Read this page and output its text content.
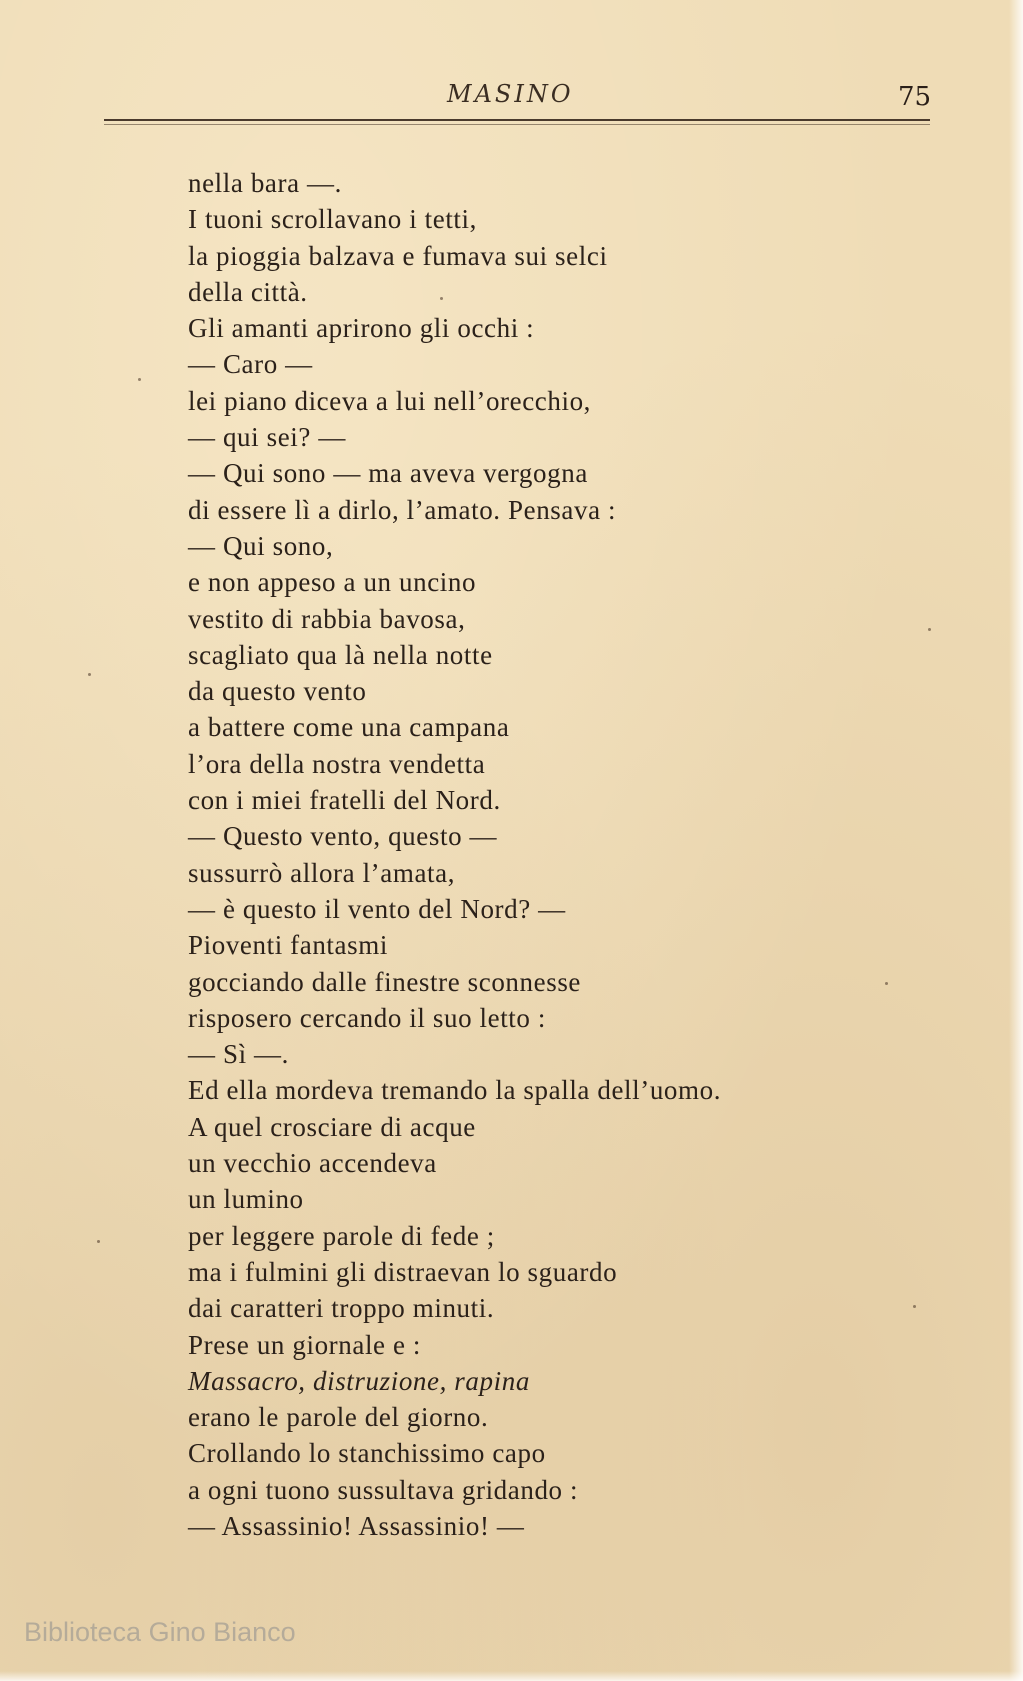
MASINO	75
nella bara —.
I tuoni scrollavano i tetti,
la pioggia balzava e fumava sui selci
della città.
Gli amanti aprirono gli occhi :
— Caro —
lei piano diceva a lui nell’orecchio,
— qui sei? —
— Qui sono — ma aveva vergogna
di essere lì a dirlo, l’amato. Pensava :
— Qui sono,
e non appeso a un uncino
vestito di rabbia bavosa,
scagliato qua là nella notte
da questo vento
a battere come una campana
l’ora della nostra vendetta
con i miei fratelli del Nord.
— Questo vento, questo —
sussurrò allora l’amata,
— è questo il vento del Nord? —
Pioventi fantasmi
gocciando dalle finestre sconnesse
risposero cercando il suo letto :
— Sì —.
Ed ella mordeva tremando la spalla dell’uomo.
A quel crosciare di acque
un vecchio accendeva
un lumino
per leggere parole di fede ;
ma i fulmini gli distraevan lo sguardo
dai caratteri troppo minuti.
Prese un giornale e :
Massacro, distruzione, rapina
erano le parole del giorno.
Crollando lo stanchissimo capo
a ogni tuono sussultava gridando :
— Assassinio! Assassinio! —
Biblioteca Gino Bianco
